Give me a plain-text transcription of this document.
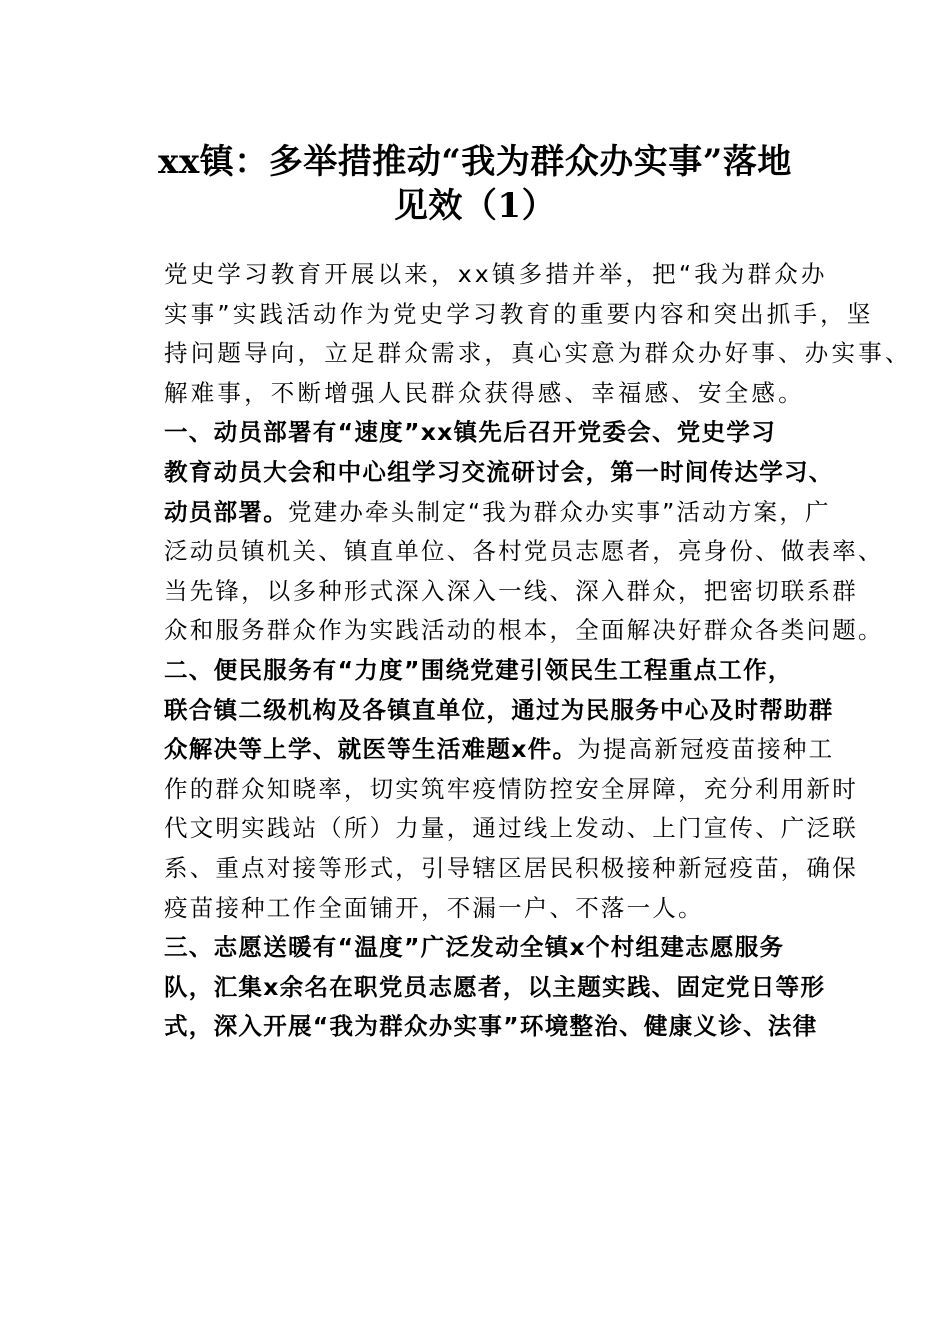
xx镇：多举措推动“我为群众办实事”落地
见效（1）

党史学习教育开展以来，xx镇多措并举，把“我为群众办
实事”实践活动作为党史学习教育的重要内容和突出抓手，坚
持问题导向，立足群众需求，真心实意为群众办好事、办实事、
解难事，不断增强人民群众获得感、幸福感、安全感。

一、动员部署有“速度”xx镇先后召开党委会、党史学习
教育动员大会和中心组学习交流研讨会，第一时间传达学习、
动员部署。党建办牵头制定“我为群众办实事”活动方案，广
泛动员镇机关、镇直单位、各村党员志愿者，亮身份、做表率、
当先锋，以多种形式深入深入一线、深入群众，把密切联系群
众和服务群众作为实践活动的根本，全面解决好群众各类问题。

二、便民服务有“力度”围绕党建引领民生工程重点工作，
联合镇二级机构及各镇直单位，通过为民服务中心及时帮助群
众解决等上学、就医等生活难题x件。为提高新冠疫苗接种工
作的群众知晓率，切实筑牢疫情防控安全屏障，充分利用新时
代文明实践站（所）力量，通过线上发动、上门宣传、广泛联
系、重点对接等形式，引导辖区居民积极接种新冠疫苗，确保
疫苗接种工作全面铺开，不漏一户、不落一人。

三、志愿送暖有“温度”广泛发动全镇x个村组建志愿服务
队，汇集x余名在职党员志愿者，以主题实践、固定党日等形
式，深入开展“我为群众办实事”环境整治、健康义诊、法律
